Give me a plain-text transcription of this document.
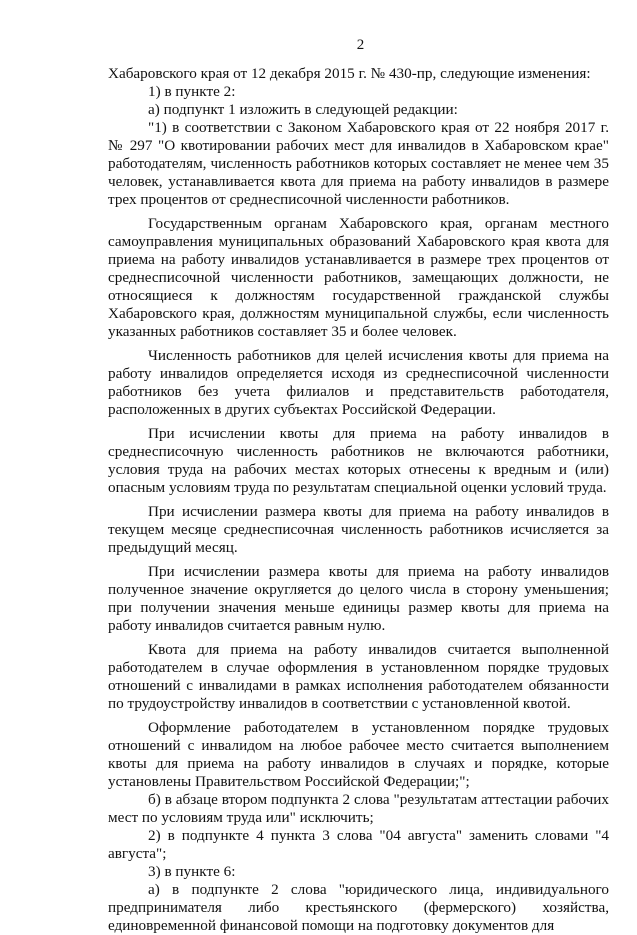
2

Хабаровского края от 12 декабря 2015 г. № 430-пр, следующие изменения:

1) в пункте 2:

а) подпункт 1 изложить в следующей редакции:

"1) в соответствии с Законом Хабаровского края от 22 ноября 2017 г. № 297 "О квотировании рабочих мест для инвалидов в Хабаровском крае" работодателям, численность работников которых составляет не менее чем 35 человек, устанавливается квота для приема на работу инвалидов в размере трех процентов от среднесписочной численности работников.

Государственным органам Хабаровского края, органам местного самоуправления муниципальных образований Хабаровского края квота для приема на работу инвалидов устанавливается в размере трех процентов от среднесписочной численности работников, замещающих должности, не относящиеся к должностям государственной гражданской службы Хабаровского края, должностям муниципальной службы, если численность указанных работников составляет 35 и более человек.

Численность работников для целей исчисления квоты для приема на работу инвалидов определяется исходя из среднесписочной численности работников без учета филиалов и представительств работодателя, расположенных в других субъектах Российской Федерации.

При исчислении квоты для приема на работу инвалидов в среднесписочную численность работников не включаются работники, условия труда на рабочих местах которых отнесены к вредным и (или) опасным условиям труда по результатам специальной оценки условий труда.

При исчислении размера квоты для приема на работу инвалидов в текущем месяце среднесписочная численность работников исчисляется за предыдущий месяц.

При исчислении размера квоты для приема на работу инвалидов полученное значение округляется до целого числа в сторону уменьшения; при получении значения меньше единицы размер квоты для приема на работу инвалидов считается равным нулю.

Квота для приема на работу инвалидов считается выполненной работодателем в случае оформления в установленном порядке трудовых отношений с инвалидами в рамках исполнения работодателем обязанности по трудоустройству инвалидов в соответствии с установленной квотой.

Оформление работодателем в установленном порядке трудовых отношений с инвалидом на любое рабочее место считается выполнением квоты для приема на работу инвалидов в случаях и порядке, которые установлены Правительством Российской Федерации;";

б) в абзаце втором подпункта 2 слова "результатам аттестации рабочих мест по условиям труда или" исключить;

2) в подпункте 4 пункта 3 слова "04 августа" заменить словами "4 августа";

3) в пункте 6:

а) в подпункте 2 слова "юридического лица, индивидуального предпринимателя либо крестьянского (фермерского) хозяйства, единовременной финансовой помощи на подготовку документов для
